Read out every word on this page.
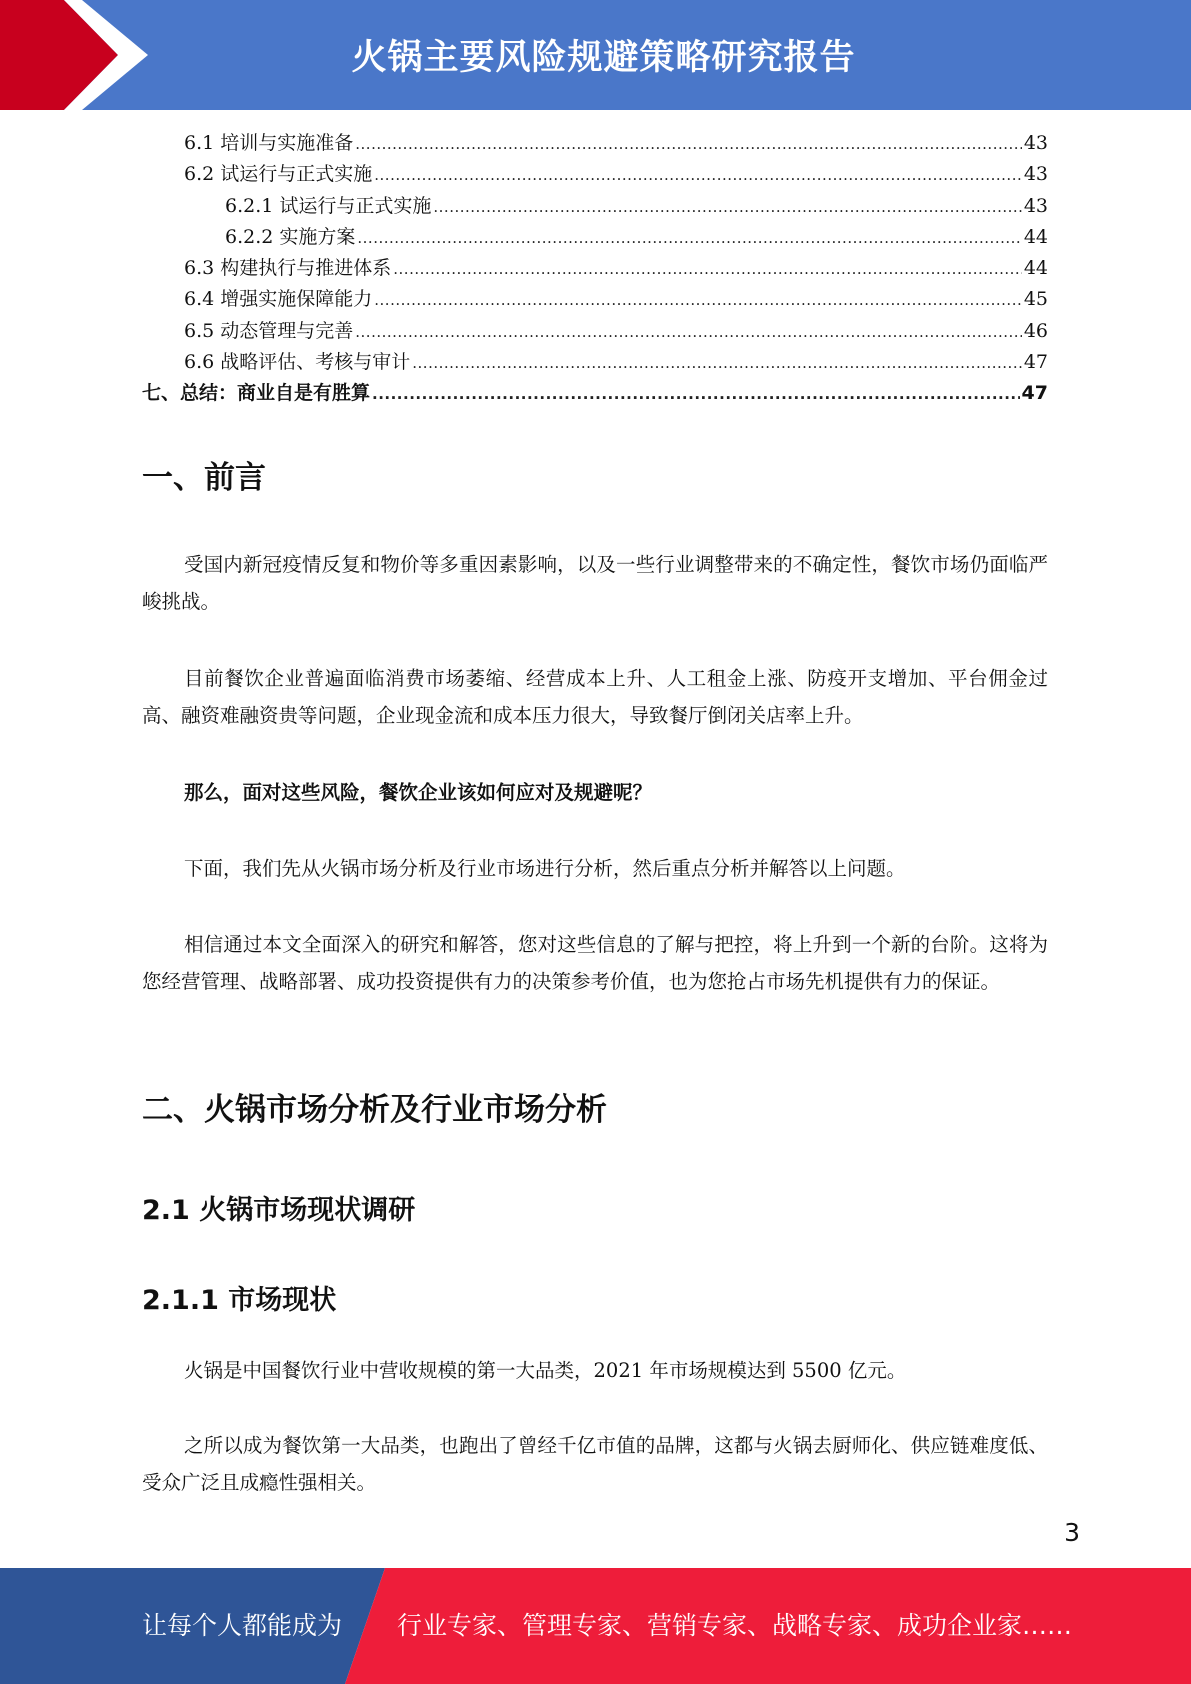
火锅主要风险规避策略研究报告
6.1 培训与实施准备 .....	43
6.2 试运行与正式实施 .....	43
6.2.1 试运行与正式实施 .....	43
6.2.2 实施方案 .....	44
6.3 构建执行与推进体系 .....	44
6.4 增强实施保障能力 .....	45
6.5 动态管理与完善 .....	46
6.6 战略评估、考核与审计 .....	47
七、总结：商业自是有胜算 .....	47
一、前言

受国内新冠疫情反复和物价等多重因素影响，以及一些行业调整带来的不确定性，餐饮市场仍面临严峻挑战。

目前餐饮企业普遍面临消费市场萎缩、经营成本上升、人工租金上涨、防疫开支增加、平台佣金过高、融资难融资贵等问题，企业现金流和成本压力很大，导致餐厅倒闭关店率上升。

那么，面对这些风险，餐饮企业该如何应对及规避呢？

下面，我们先从火锅市场分析及行业市场进行分析，然后重点分析并解答以上问题。

相信通过本文全面深入的研究和解答，您对这些信息的了解与把控，将上升到一个新的台阶。这将为您经营管理、战略部署、成功投资提供有力的决策参考价值，也为您抢占市场先机提供有力的保证。

二、火锅市场分析及行业市场分析
2.1 火锅市场现状调研
2.1.1 市场现状

火锅是中国餐饮行业中营收规模的第一大品类，2021 年市场规模达到 5500 亿元。

之所以成为餐饮第一大品类，也跑出了曾经千亿市值的品牌，这都与火锅去厨师化、供应链难度低、受众广泛且成瘾性强相关。

3
让每个人都能成为 行业专家、管理专家、营销专家、战略专家、成功企业家……
